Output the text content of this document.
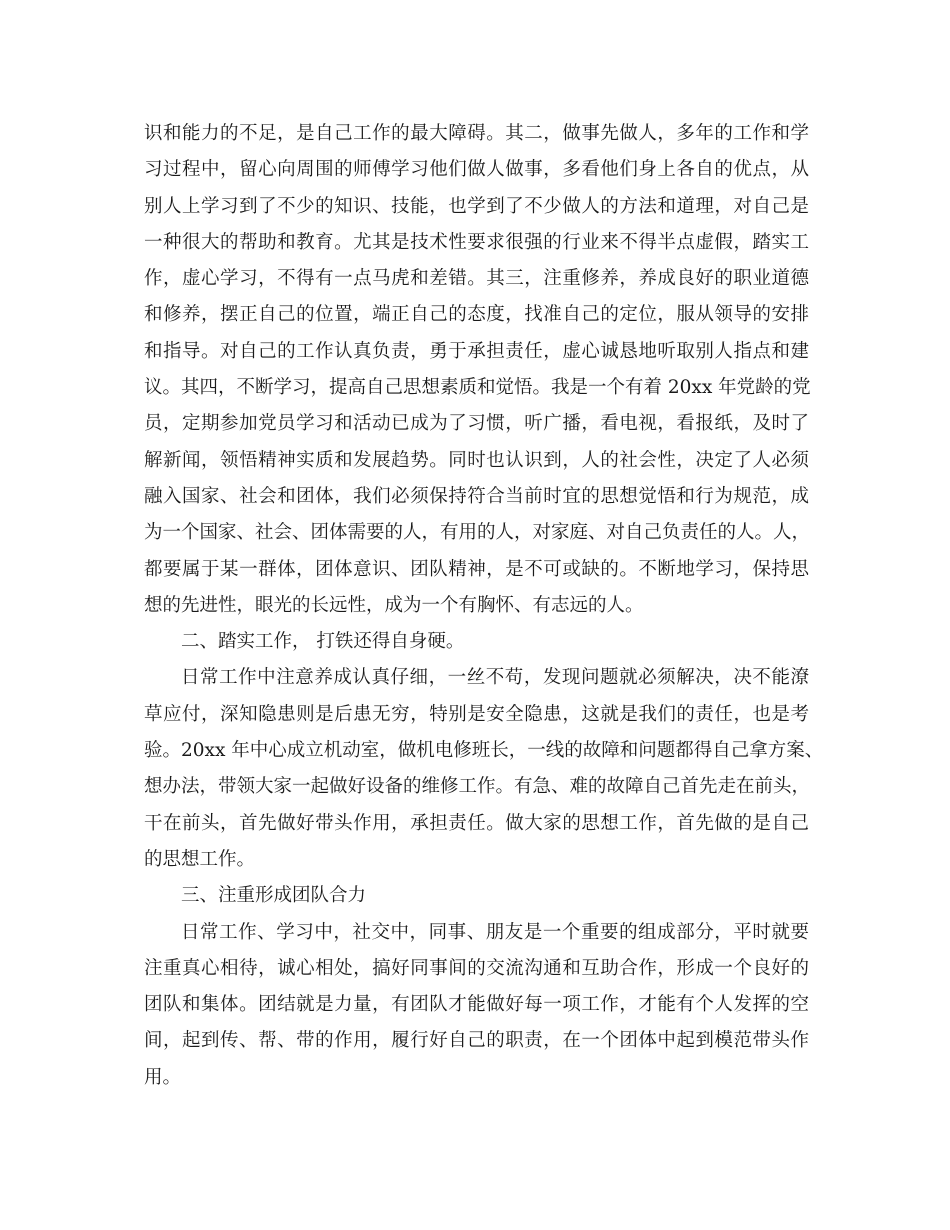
识和能力的不足，是自己工作的最大障碍。其二，做事先做人，多年的工作和学
习过程中，留心向周围的师傅学习他们做人做事，多看他们身上各自的优点，从
别人上学习到了不少的知识、技能，也学到了不少做人的方法和道理，对自己是
一种很大的帮助和教育。尤其是技术性要求很强的行业来不得半点虚假，踏实工
作，虚心学习，不得有一点马虎和差错。其三，注重修养，养成良好的职业道德
和修养，摆正自己的位置，端正自己的态度，找准自己的定位，服从领导的安排
和指导。对自己的工作认真负责，勇于承担责任，虚心诚恳地听取别人指点和建
议。其四，不断学习，提高自己思想素质和觉悟。我是一个有着 20xx 年党龄的党
员，定期参加党员学习和活动已成为了习惯，听广播，看电视，看报纸，及时了
解新闻，领悟精神实质和发展趋势。同时也认识到，人的社会性，决定了人必须
融入国家、社会和团体，我们必须保持符合当前时宜的思想觉悟和行为规范，成
为一个国家、社会、团体需要的人，有用的人，对家庭、对自己负责任的人。人，
都要属于某一群体，团体意识、团队精神，是不可或缺的。不断地学习，保持思
想的先进性，眼光的长远性，成为一个有胸怀、有志远的人。
二、踏实工作， 打铁还得自身硬。
日常工作中注意养成认真仔细，一丝不苟，发现问题就必须解决，决不能潦
草应付，深知隐患则是后患无穷，特别是安全隐患，这就是我们的责任，也是考
验。20xx 年中心成立机动室，做机电修班长，一线的故障和问题都得自己拿方案、
想办法，带领大家一起做好设备的维修工作。有急、难的故障自己首先走在前头，
干在前头，首先做好带头作用，承担责任。做大家的思想工作，首先做的是自己
的思想工作。
三、注重形成团队合力
日常工作、学习中，社交中，同事、朋友是一个重要的组成部分，平时就要
注重真心相待，诚心相处，搞好同事间的交流沟通和互助合作，形成一个良好的
团队和集体。团结就是力量，有团队才能做好每一项工作，才能有个人发挥的空
间，起到传、帮、带的作用，履行好自己的职责，在一个团体中起到模范带头作
用。
